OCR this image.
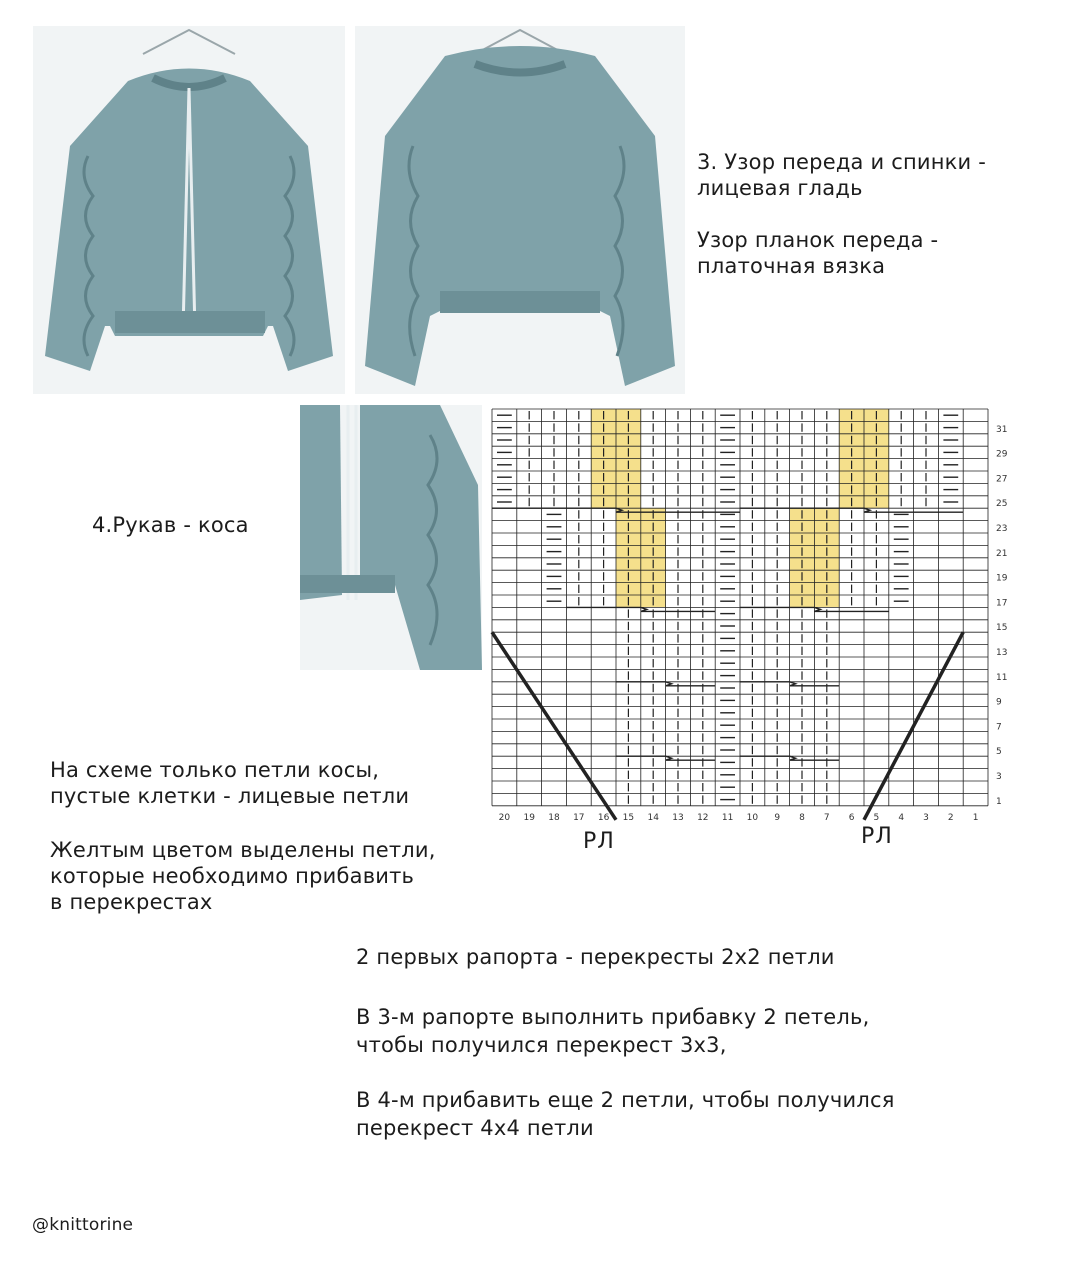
3. Узор переда и спинки -
лицевая гладь
Узор планок переда -
платочная вязка
4.Рукав - коса
1
3
5
7
9
11
13
15
17
19
21
23
25
27
29
31
20 19 18 17 16 15 14 13 12 11 10 9 8 7 6 5 4 3 2 1
РЛ	РЛ
На схеме только петли косы,
пустые клетки - лицевые петли
Желтым цветом выделены петли,
которые необходимо прибавить
в перекрестах
2 первых рапорта - перекресты 2х2 петли
В 3-м рапорте выполнить прибавку 2 петель,
чтобы получился перекрест 3х3,
В 4-м прибавить еще 2 петли, чтобы получился
перекрест 4х4 петли
@knittorine
